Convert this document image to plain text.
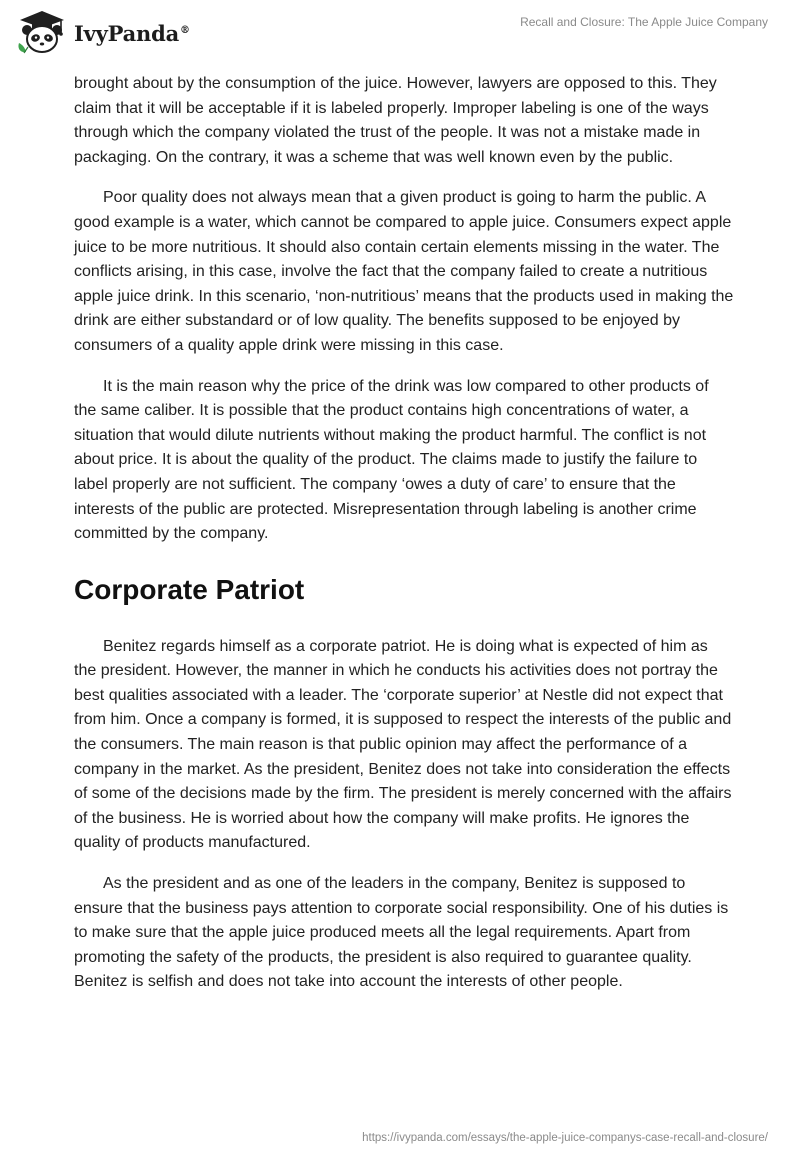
IvyPanda®
Recall and Closure: The Apple Juice Company

brought about by the consumption of the juice. However, lawyers are opposed to this. They claim that it will be acceptable if it is labeled properly. Improper labeling is one of the ways through which the company violated the trust of the people. It was not a mistake made in packaging. On the contrary, it was a scheme that was well known even by the public.

Poor quality does not always mean that a given product is going to harm the public. A good example is a water, which cannot be compared to apple juice. Consumers expect apple juice to be more nutritious. It should also contain certain elements missing in the water. The conflicts arising, in this case, involve the fact that the company failed to create a nutritious apple juice drink. In this scenario, ‘non-nutritious’ means that the products used in making the drink are either substandard or of low quality. The benefits supposed to be enjoyed by consumers of a quality apple drink were missing in this case.

It is the main reason why the price of the drink was low compared to other products of the same caliber. It is possible that the product contains high concentrations of water, a situation that would dilute nutrients without making the product harmful. The conflict is not about price. It is about the quality of the product. The claims made to justify the failure to label properly are not sufficient. The company ‘owes a duty of care’ to ensure that the interests of the public are protected. Misrepresentation through labeling is another crime committed by the company.

Corporate Patriot

Benitez regards himself as a corporate patriot. He is doing what is expected of him as the president. However, the manner in which he conducts his activities does not portray the best qualities associated with a leader. The ‘corporate superior’ at Nestle did not expect that from him. Once a company is formed, it is supposed to respect the interests of the public and the consumers. The main reason is that public opinion may affect the performance of a company in the market. As the president, Benitez does not take into consideration the effects of some of the decisions made by the firm. The president is merely concerned with the affairs of the business. He is worried about how the company will make profits. He ignores the quality of products manufactured.

As the president and as one of the leaders in the company, Benitez is supposed to ensure that the business pays attention to corporate social responsibility. One of his duties is to make sure that the apple juice produced meets all the legal requirements. Apart from promoting the safety of the products, the president is also required to guarantee quality. Benitez is selfish and does not take into account the interests of other people.

https://ivypanda.com/essays/the-apple-juice-companys-case-recall-and-closure/
